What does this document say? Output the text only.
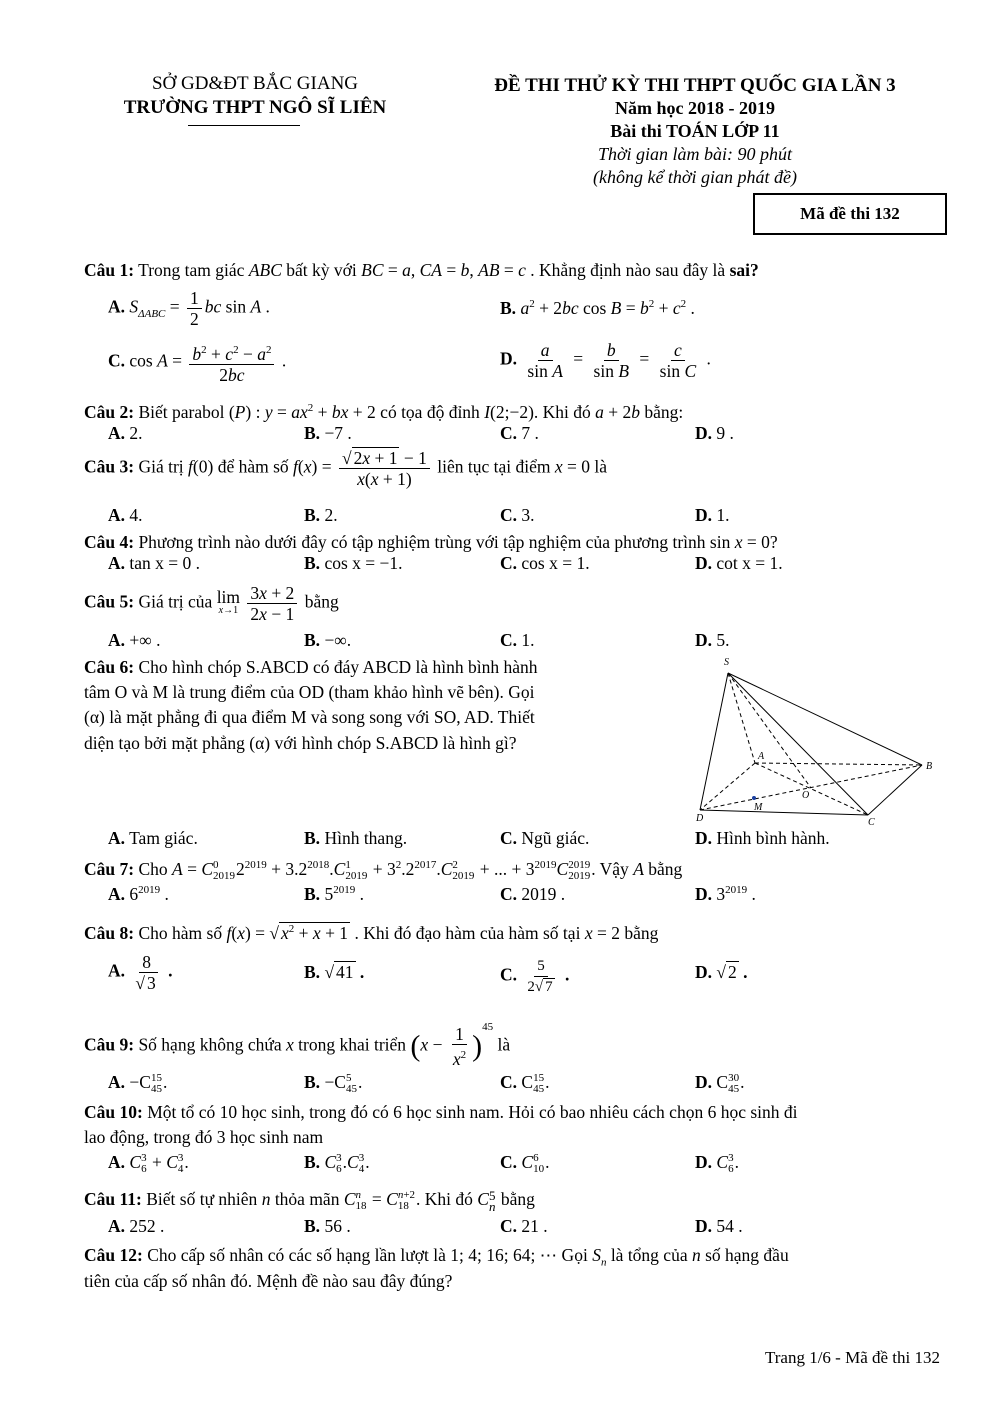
SỞ GD&ĐT BẮC GIANG
TRƯỜNG THPT NGÔ SĨ LIÊN
ĐỀ THI THỬ KỲ THI THPT QUỐC GIA LẦN 3
Năm học 2018 - 2019
Bài thi TOÁN LỚP 11
Thời gian làm bài: 90 phút
(không kể thời gian phát đề)
Mã đề thi 132
Câu 1: Trong tam giác ABC bất kỳ với BC = a, CA = b, AB = c . Khẳng định nào sau đây là sai?
A. $S_{\Delta ABC} = \frac{1}{2}$ bc sin A .	B. $a^2 + 2bc$ $\cos B = b^2 + c^2$ .
C. $\cos A = \frac{b^2 + c^2 - a^2}{2bc}$ .	D. $\frac{a}{\text{sin A}} = \frac{b}{\text{sin B}} = \frac{c}{\text{sin C}}$ .
Câu 2: Biết parabol (P) : $y = ax^2$ + bx + 2 có tọa độ đỉnh I(2;−2). Khi đó a + 2b bằng:
A. 2.	B. −7 .	C. 7 .	D. 9 .
Câu 3: Giá trị f(0) để hàm số $f(x) = \frac{√ 2x + 1 - 1}{x(x + 1)}$ liên tục tại điểm x = 0 là
A. 4.	B. 2.	C. 3.	D. 1.
Câu 4: Phương trình nào dưới đây có tập nghiệm trùng với tập nghiệm của phương trình sin x = 0?
A. tan x = 0 .	B. cos x = −1.	C. cos x = 1.	D. cot x = 1.
Câu 5: Giá trị của lim
x→1
$\frac{3x + 2}{2x - 1}$ bằng
A. +∞ .	B. −∞.	C. 1.	D. 5.
Câu 6: Cho hình chóp S.ABCD có đáy ABCD là hình bình hành
tâm O và M là trung điểm của OD (tham khảo hình vẽ bên). Gọi
(α) là mặt phẳng đi qua điểm M và song song với SO, AD. Thiết
diện tạo bởi mặt phẳng (α) với hình chóp S.ABCD là hình gì?
S
A
B
C
D
O
M
A. Tam giác.	B. Hình thang.	C. Ngũ giác.	D. Hình bình hành.
Câu 7: Cho A = C 0
2019 $2^{2019} + 3.2^{2018}.C$ 1
$2019 + 3^2.2^{2017}.C$ 2
2019 + ... + $3^{2019}C$ 2019
2019 . Vậy A bằng
A. $6^{2019}$ .	B. $5^{2019}$ .	C. 2019 .	D. $3^{2019}$ .
Câu 8: Cho hàm số f(x) = √ $x^2 + x + 1$ . Khi đó đạo hàm của hàm số tại x = 2 bằng
A. $\frac{8}{√ 3}$ .	B. √ 41 .	C. $\frac{5}{2√ 7}$ .	D. √ 2 .
Câu 9: Số hạng không chứa x trong khai triển $(x - \frac{1}{x^2} )^{45}$ là
A. −C 15
45 .	B. −C 5
45 .	C. C 15
45 .	D. C 30
45 .
Câu 10: Một tổ có 10 học sinh, trong đó có 6 học sinh nam. Hỏi có bao nhiêu cách chọn 6 học sinh đi
lao động, trong đó 3 học sinh nam
A. C 3
6 + C 3
4 .	B. C 3
6 .C 3
4 .	C. C 6
10 .	D. C 3
6 .
Câu 11: Biết số tự nhiên n thỏa mãn C n
18 = C n+2
18 . Khi đó C 5
n bằng
A. 252 .	B. 56 .	C. 21 .	D. 54 .
Câu 12: Cho cấp số nhân có các số hạng lần lượt là 1; 4; 16; 64; ⋯ Gọi $S_n$ là tổng của n số hạng đầu
tiên của cấp số nhân đó. Mệnh đề nào sau đây đúng?
Trang 1/6 - Mã đề thi 132
